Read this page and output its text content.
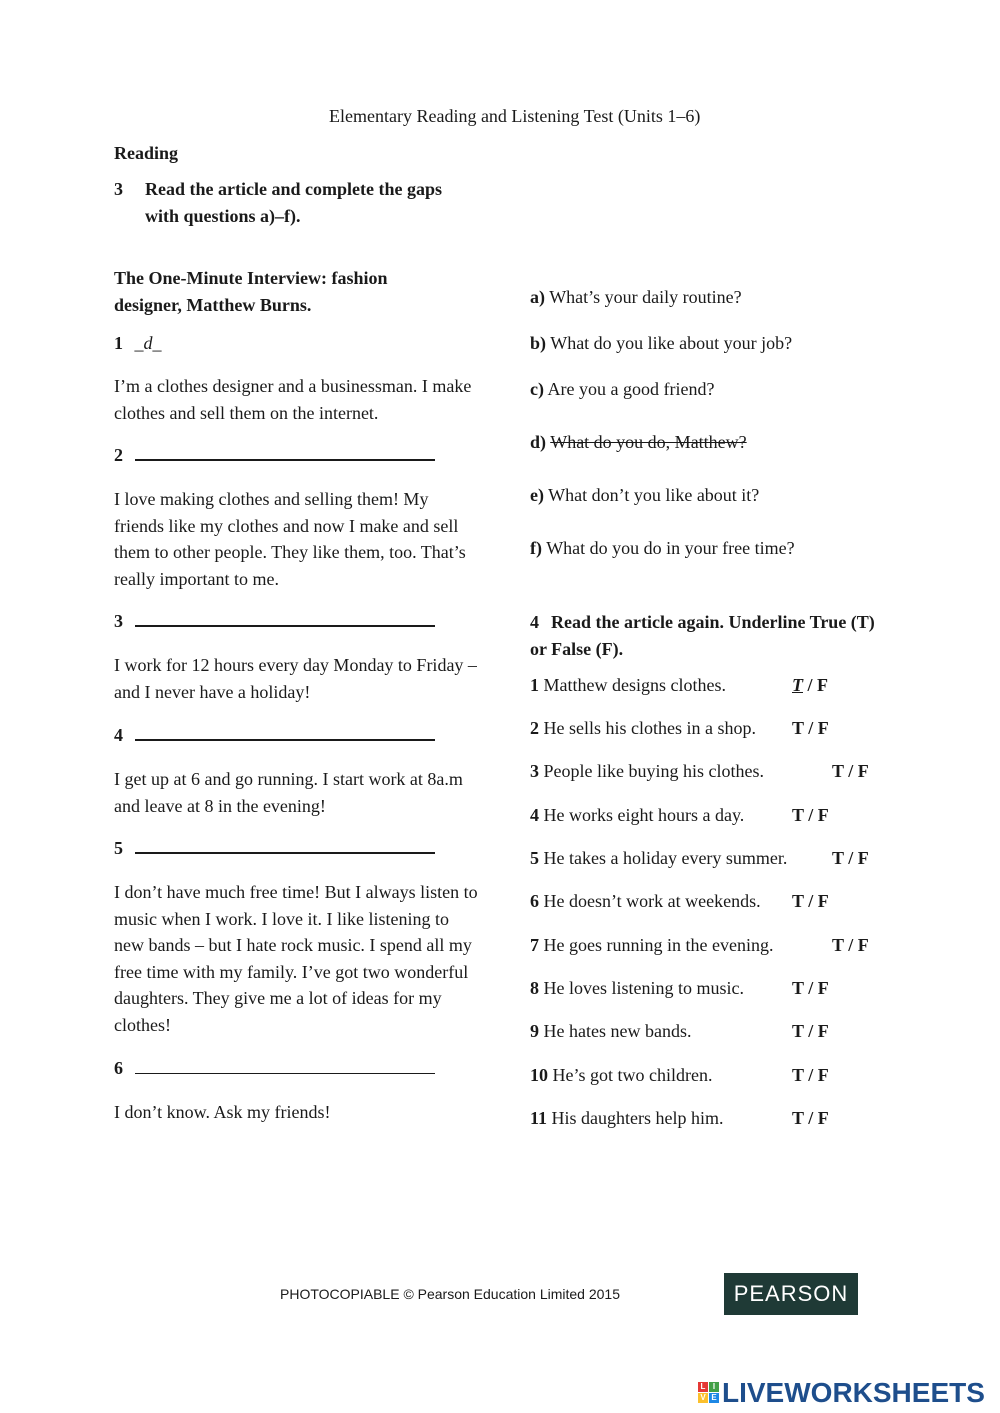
Elementary Reading and Listening Test (Units 1–6)
Reading
3 Read the article and complete the gaps with questions a)–f).
The One-Minute Interview: fashion designer, Matthew Burns.
1 _d_
I’m a clothes designer and a businessman. I make clothes and sell them on the internet.
2
I love making clothes and selling them! My friends like my clothes and now I make and sell them to other people. They like them, too. That’s really important to me.
3
I work for 12 hours every day Monday to Friday – and I never have a holiday!
4
I get up at 6 and go running. I start work at 8a.m and leave at 8 in the evening!
5
I don’t have much free time! But I always listen to music when I work. I love it. I like listening to new bands – but I hate rock music. I spend all my free time with my family. I’ve got two wonderful daughters. They give me a lot of ideas for my clothes!
6
I don’t know. Ask my friends!
a) What’s your daily routine?
b) What do you like about your job?
c) Are you a good friend?
d) What do you do, Matthew?
e) What don’t you like about it?
f) What do you do in your free time?
4 Read the article again. Underline True (T) or False (F).
1 Matthew designs clothes.	T / F
2 He sells his clothes in a shop. T / F
3 People like buying his clothes.	T / F
4 He works eight hours a day.	T / F
5 He takes a holiday every summer. T / F
6 He doesn’t work at weekends. T / F
7 He goes running in the evening.	T / F
8 He loves listening to music.	T / F
9 He hates new bands.	T / F
10 He’s got two children.	T / F
11 His daughters help him.	T / F
PHOTOCOPIABLE © Pearson Education Limited 2015	PEARSON
L I
V E LIVEWORKSHEETS
